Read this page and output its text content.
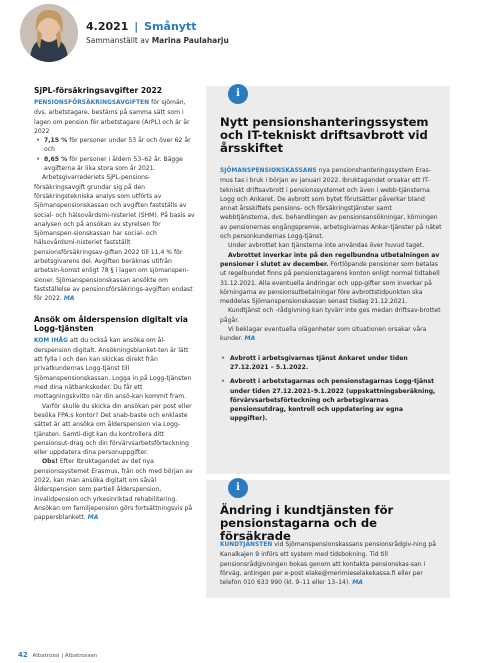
4.2021 | Smånytt
Sammanställt av Marina Paulaharju
SjPL-försäkringsavgifter 2022

PENSIONSFÖRSÄKRINGSAVGIFTEN för sjömän, dvs. arbetstagare, bestäms på samma sätt som i lagen om pension för arbetstagare (ArPL) och är år 2022

• 7,15 % för personer under 53 år och över 62 år och
• 8,65 % för personer i åldern 53–62 år. Bägge avgifterna är lika stora som år 2021.

Arbetsgivarrederiets SjPL-pensions-försäkringsavgift grundar sig på den försäkringstekniska analys som utförts av Sjömanspensionskassan och avgiften fastställs av social- och hälsovårdsmi-nisteriet (SHM). På basis av analysen och på ansökan av styrelsen för Sjömanspen-sionskassan har social- och hälsovårdsmi-nisteriet fastställt pensionsförsäkringsav-giften 2022 till 11,4 % för arbetsgivarens del. Avgiften beräknas utifrån arbetsin-komst enligt 78 § i lagen om sjömanspen-sioner. Sjömanspensionskassan ansökte om fastställelse av pensionsförsäkrings-avgiften endast för 2022. MA

Ansök om ålderspension digitalt via Logg-tjänsten

KOM IHÅG att du också kan ansöka om ål-derspension digitalt. Ansökningsblanket-ten är lätt att fylla i och den kan skickas direkt från privatkundernas Logg-tjänst till Sjömanspensionskassan. Loggа in på Logg-tjänsten med dina nätbankskoder. Du får ett mottagningskvitto när din ansö-kan kommit fram.

Varför skulle du skicka din ansökan per post eller besöka FPA:s kontor? Det snab-baste och enklaste sättet är att ansöka om ålderspension via Logg-tjänsten. Samti-digt kan du kontrollera ditt pensionsut-drag och din förvärvsarbetsförteckning eller uppdatera dina personuppgifter.

Obs! Efter Ibruktagandet av det nya pensionssystemet Erasmus, från och med början av 2022, kan man ansöka digitalt om såväl ålderspension som partiell ålderspension, invalidpension och yrkesinriktad rehabilitering. Ansökan om familjepension görs fortsättningsvis på pappersblankett. MA

i
Nytt pensionshanteringssystem och IT-tekniskt driftsavbrott vid årsskiftet

SJÖMANSPENSIONSKASSANS nya pensionshanteringssystem Eras-mus tas i bruk i början av januari 2022. Ibruktagandet orsakar ett IT-tekniskt driftsavbrott i pensionssystemet och även i webb-tjänsterna Logg och Ankaret. De avbrott som bytet förutsätter påverkar bland annat årsskiftets pensions- och försäkringstjänster samt webbtjänsterna, dvs. behandlingen av pensionsansökningar, körningen av pensionernas engångspremie, arbetsgivarnas Ankar-tjänster på nätet och personkundernas Logg-tjänst.

Under avbrottet kan tjänsterna inte användas över huvud taget.

Avbrottet inverkar inte på den regelbundna utbetalningen av pensioner i slutet av december. Fortlöpande pensioner som betalas ut regelbundet finns på pensionstagarens konton enligt normal tidtabell 31.12.2021. Alla eventuella ändringar och upp-gifter som inverkar på körningarna av pensionsutbetalningar före avbrottstidpunkten ska meddelas Sjömanspensionskassan senast tisdag 21.12.2021.

Kundtjänst och -rådgivning kan tyvärr inte ges medan driftsav-brottet pågår.

Vi beklagar eventuella olägenheter som situationen orsakar våra kunder. MA

• Avbrott i arbetsgivarnas tjänst Ankaret under tiden 27.12.2021 – 5.1.2022.
• Avbrott i arbetstagarnas och pensionstagarnas Logg-tjänst under tiden 27.12.2021–9.1.2022 (uppskattningsberäkning, förvärvsarbetsförteckning och arbetsgivarnas pensionsutdrag, kontroll och uppdatering av egna uppgifter).
i
Ändring i kundtjänsten för pensionstagarna och de försäkrade

KUNDTJÄNSTEN vid Sjömanspensionskassans pensionsrådgiv-ning på Kanalkajen 9 införs ett system med tidsbokning. Tid till pensionsrådgivningen bokas genom att kontakta pensionskas-san i förväg, antingen per e-post elake@merimieselakekassa.fi eller per telefon 010 633 990 (kl. 9–11 eller 13–14). MA

42 Albatrossi | Albatrossen
